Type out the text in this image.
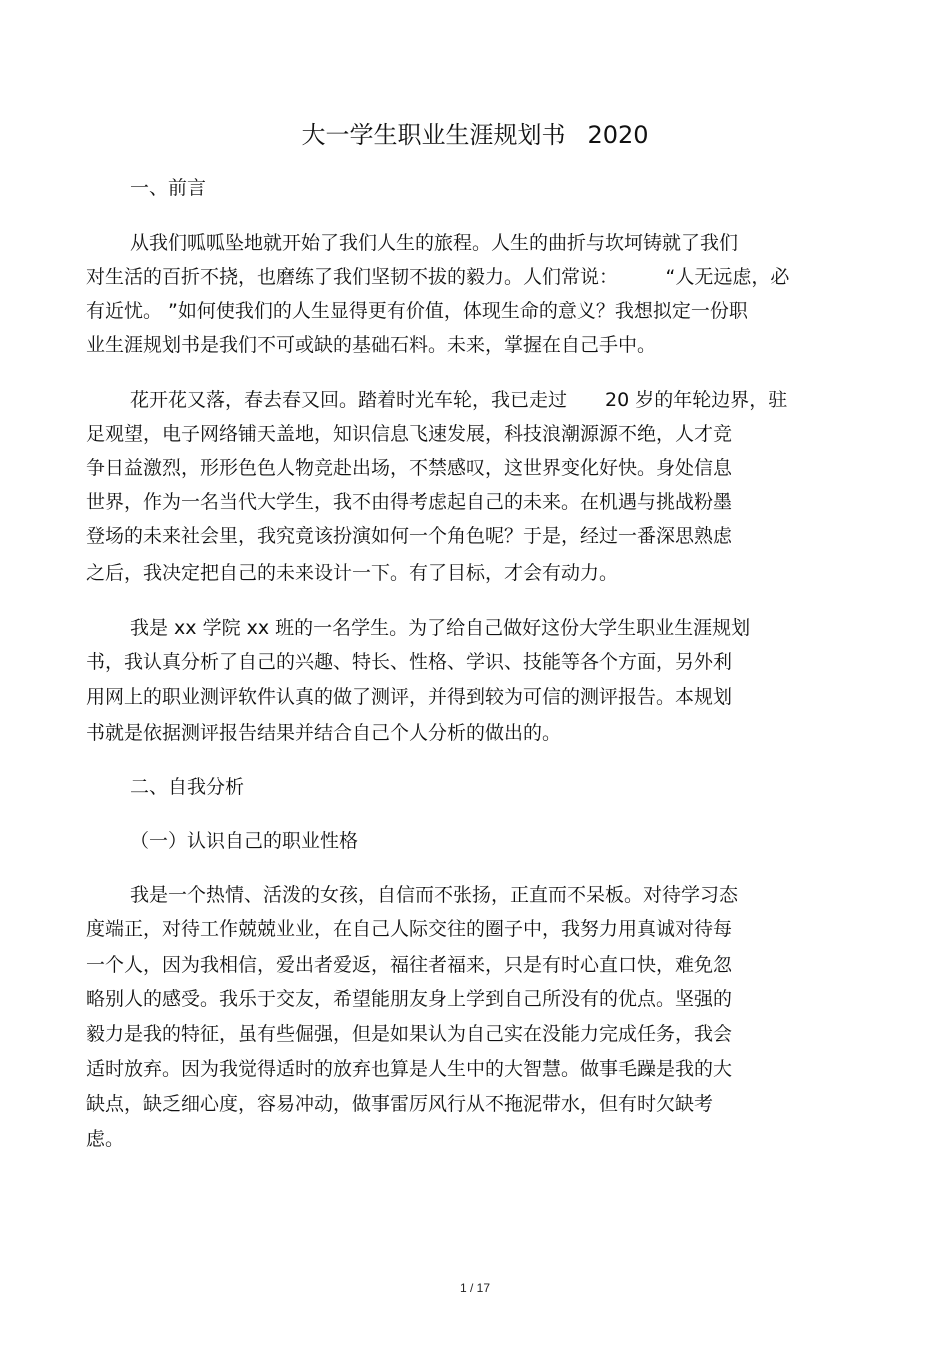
大一学生职业生涯规划书 2020
一、前言
从我们呱呱坠地就开始了我们人生的旅程。人生的曲折与坎坷铸就了我们
对生活的百折不挠，也磨练了我们坚韧不拔的毅力。人们常说：　　　“人无远虑，必
有近忧。 ”如何使我们的人生显得更有价值，体现生命的意义？我想拟定一份职
业生涯规划书是我们不可或缺的基础石料。未来，掌握在自己手中。
花开花又落，春去春又回。踏着时光车轮，我已走过　　20 岁的年轮边界，驻
足观望，电子网络铺天盖地，知识信息飞速发展，科技浪潮源源不绝，人才竞
争日益激烈，形形色色人物竞赴出场，不禁感叹，这世界变化好快。身处信息
世界，作为一名当代大学生，我不由得考虑起自己的未来。在机遇与挑战粉墨
登场的未来社会里，我究竟该扮演如何一个角色呢？于是，经过一番深思熟虑
之后，我决定把自己的未来设计一下。有了目标，才会有动力。
我是 xx 学院 xx 班的一名学生。为了给自己做好这份大学生职业生涯规划
书，我认真分析了自己的兴趣、特长、性格、学识、技能等各个方面，另外利
用网上的职业测评软件认真的做了测评，并得到较为可信的测评报告。本规划
书就是依据测评报告结果并结合自己个人分析的做出的。
二、自我分析
（一）认识自己的职业性格
我是一个热情、活泼的女孩，自信而不张扬，正直而不呆板。对待学习态
度端正，对待工作兢兢业业，在自己人际交往的圈子中，我努力用真诚对待每
一个人，因为我相信，爱出者爱返，福往者福来，只是有时心直口快，难免忽
略别人的感受。我乐于交友，希望能朋友身上学到自己所没有的优点。坚强的
毅力是我的特征，虽有些倔强，但是如果认为自己实在没能力完成任务，我会
适时放弃。因为我觉得适时的放弃也算是人生中的大智慧。做事毛躁是我的大
缺点，缺乏细心度，容易冲动，做事雷厉风行从不拖泥带水，但有时欠缺考
虑。
1 / 17
